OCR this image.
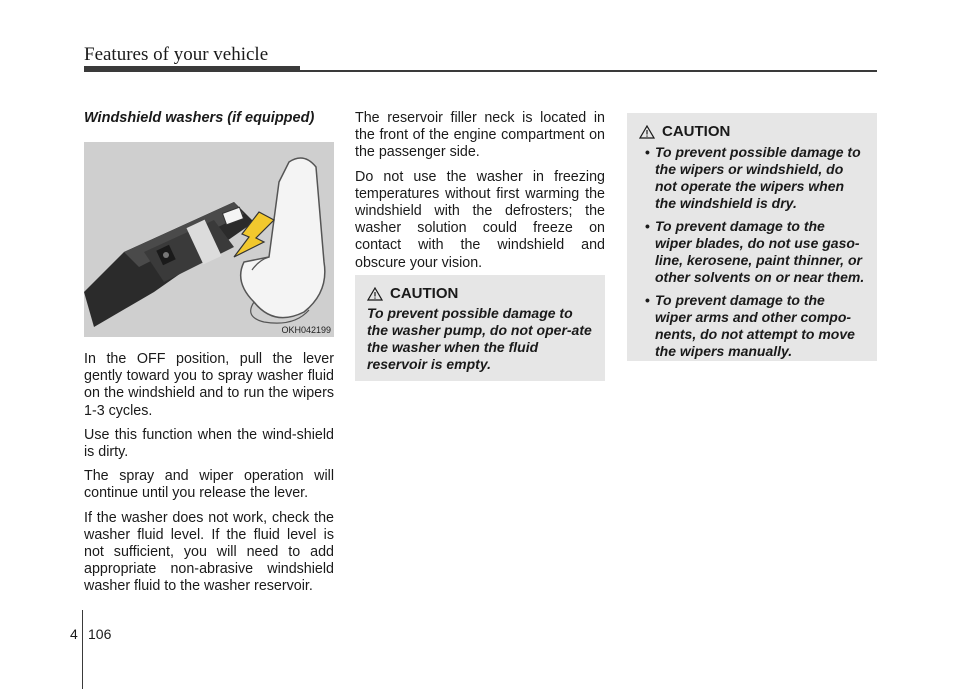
Features of your vehicle
Windshield washers (if equipped)
OKH042199

In the OFF position, pull the lever gently toward you to spray washer fluid on the windshield and to run the wipers 1-3 cycles.

Use this function when the wind-shield is dirty.

The spray and wiper operation will continue until you release the lever.

If the washer does not work, check the washer fluid level. If the fluid level is not sufficient, you will need to add appropriate non-abrasive windshield washer fluid to the washer reservoir.

The reservoir filler neck is located in the front of the engine compartment on the passenger side.

Do not use the washer in freezing temperatures without first warming the windshield with the defrosters; the washer solution could freeze on contact with the windshield and obscure your vision.

CAUTION

To prevent possible damage to the washer pump, do not oper-ate the washer when the fluid reservoir is empty.

CAUTION
• To prevent possible damage to the wipers or windshield, do not operate the wipers when the windshield is dry.
• To prevent damage to the wiper blades, do not use gaso-line, kerosene, paint thinner, or other solvents on or near them.
• To prevent damage to the wiper arms and other compo-nents, do not attempt to move the wipers manually.
4 106
